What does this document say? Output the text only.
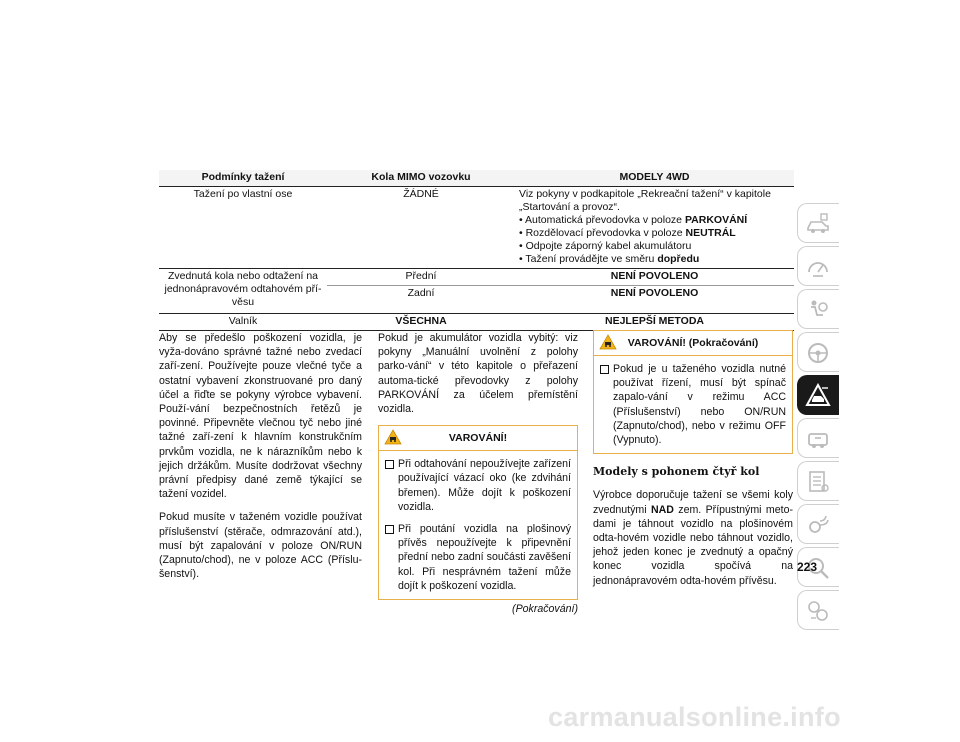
Podmínky tažení	Kola MIMO vozovku	MODELY 4WD
Tažení po vlastní ose	ŽÁDNÉ	Viz pokyny v podkapitole „Rekreační tažení“ v kapitole „Startování a provoz“.
• Automatická převodovka v poloze PARKOVÁNÍ
• Rozdělovací převodovka v poloze NEUTRÁL
• Odpojte záporný kabel akumulátoru
• Tažení provádějte ve směru dopředu

Zvednutá kola nebo odtažení na jednonápravovém odtahovém pří-věsu	Přední	NENÍ POVOLENO
	Zadní	NENÍ POVOLENO
Valník	VŠECHNA	NEJLEPŠÍ METODA

Aby se předešlo poškození vozidla, je vyža-dováno správné tažné nebo zvedací zaří-zení. Používejte pouze vlečné tyče a ostatní vybavení zkonstruované pro daný účel a řiďte se pokyny výrobce vybavení. Použí-vání bezpečnostních řetězů je povinné. Připevněte vlečnou tyč nebo jiné tažné zaří-zení k hlavním konstrukčním prvkům vozidla, ne k nárazníkům nebo k jejich držákům. Musíte dodržovat všechny právní předpisy dané země týkající se tažení vozidel.

Pokud musíte v taženém vozidle používat příslušenství (stěrače, odmrazování atd.), musí být zapalování v poloze ON/RUN (Zapnuto/chod), ne v poloze ACC (Příslu-šenství).

Pokud je akumulátor vozidla vybitý: viz pokyny „Manuální uvolnění z polohy parko-vání“ v této kapitole o přeřazení automa-tické převodovky z polohy PARKOVÁNÍ za účelem přemístění vozidla.

VAROVÁNÍ!
Při odtahování nepoužívejte zařízení používající vázací oko (ke zdvihání břemen). Může dojít k poškození vozidla.
Při poutání vozidla na plošinový přívěs nepoužívejte k připevnění přední nebo zadní součásti zavěšení kol. Při nesprávném tažení může dojít k poškození vozidla.
(Pokračování)
VAROVÁNÍ! (Pokračování)
Pokud je u taženého vozidla nutné používat řízení, musí být spínač zapalo-vání v režimu ACC (Příslušenství) nebo ON/RUN (Zapnuto/chod), nebo v režimu OFF (Vypnuto).
Modely s pohonem čtyř kol

Výrobce doporučuje tažení se všemi koly zvednutými NAD zem. Přípustnými meto-dami je táhnout vozidlo na plošinovém odta-hovém vozidle nebo táhnout vozidlo, jehož jeden konec je zvednutý a opačný konec vozidla spočívá na jednonápravovém odta-hovém přívěsu.

223
carmanualsonline.info
